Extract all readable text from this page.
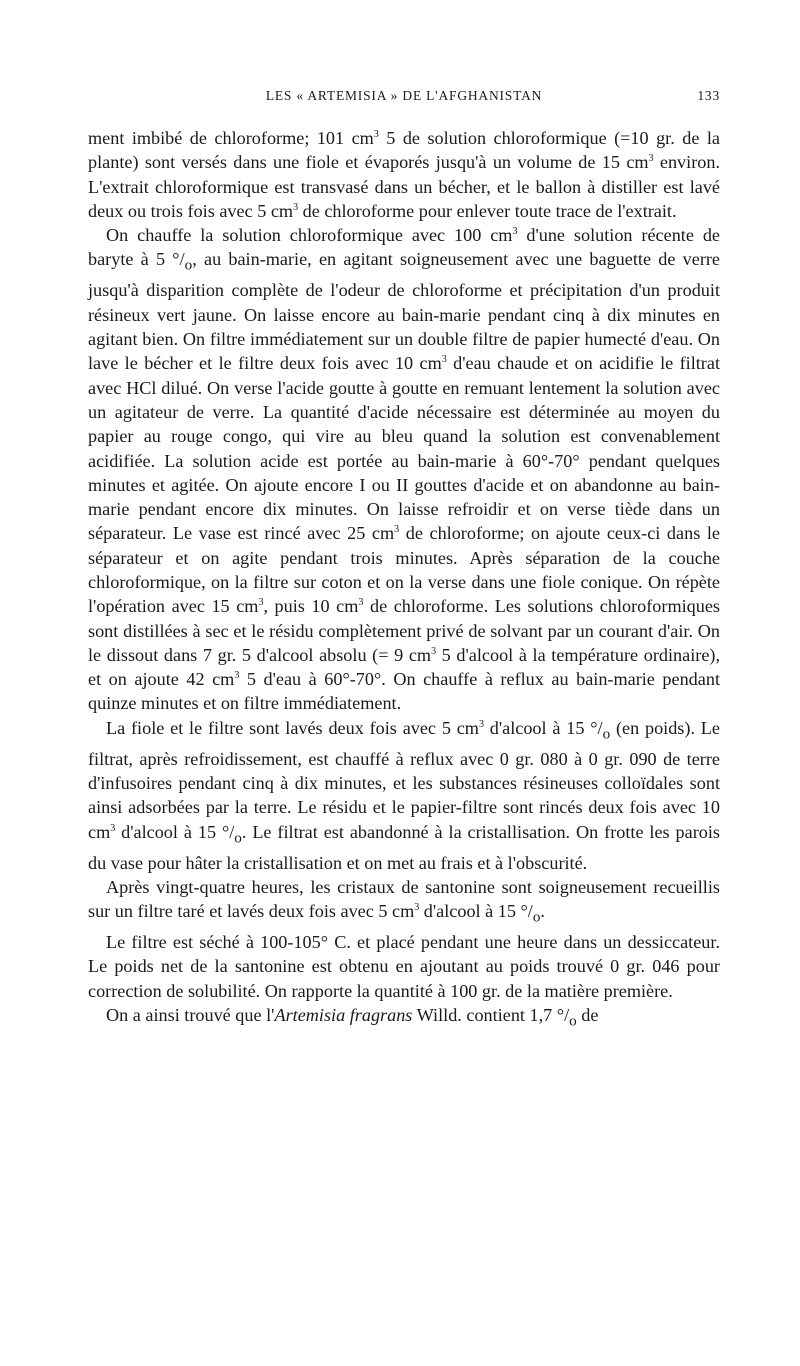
LES « ARTEMISIA » DE L'AFGHANISTAN	133

ment imbibé de chloroforme; 101 $cm^3$ 5 de solution chloroformique (=10 gr. de la plante) sont versés dans une fiole et évaporés jusqu'à un volume de 15 $cm^3$ environ. L'extrait chloroformique est transvasé dans un bécher, et le ballon à distiller est lavé deux ou trois fois avec 5 $cm^3$ de chloroforme pour enlever toute trace de l'extrait.

On chauffe la solution chloroformique avec 100 $cm^3$ d'une solution récente de baryte à 5 $^\circ/_o$, au bain-marie, en agitant soigneusement avec une baguette de verre jusqu'à disparition complète de l'odeur de chloroforme et précipitation d'un produit résineux vert jaune. On laisse encore au bain-marie pendant cinq à dix minutes en agitant bien. On filtre immédiatement sur un double filtre de papier humecté d'eau. On lave le bécher et le filtre deux fois avec 10 $cm^3$ d'eau chaude et on acidifie le filtrat avec HCl dilué. On verse l'acide goutte à goutte en remuant lentement la solution avec un agitateur de verre. La quantité d'acide nécessaire est déterminée au moyen du papier au rouge congo, qui vire au bleu quand la solution est convenablement acidifiée. La solution acide est portée au bain-marie à 60°-70° pendant quelques minutes et agitée. On ajoute encore I ou II gouttes d'acide et on abandonne au bain-marie pendant encore dix minutes. On laisse refroidir et on verse tiède dans un séparateur. Le vase est rincé avec 25 $cm^3$ de chloroforme; on ajoute ceux-ci dans le séparateur et on agite pendant trois minutes. Après séparation de la couche chloroformique, on la filtre sur coton et on la verse dans une fiole conique. On répète l'opération avec 15 $cm^3$, puis 10 $cm^3$ de chloroforme. Les solutions chloroformiques sont distillées à sec et le résidu complètement privé de solvant par un courant d'air. On le dissout dans 7 gr. 5 d'alcool absolu (= 9 $cm^3$ 5 d'alcool à la température ordinaire), et on ajoute 42 $cm^3$ 5 d'eau à 60°-70°. On chauffe à reflux au bain-marie pendant quinze minutes et on filtre immédiatement.

La fiole et le filtre sont lavés deux fois avec 5 $cm^3$ d'alcool à 15 $^\circ/_o$ (en poids). Le filtrat, après refroidissement, est chauffé à reflux avec 0 gr. 080 à 0 gr. 090 de terre d'infusoires pendant cinq à dix minutes, et les substances résineuses colloïdales sont ainsi adsorbées par la terre. Le résidu et le papier-filtre sont rincés deux fois avec 10 $cm^3$ d'alcool à 15 $^\circ/_o$. Le filtrat est abandonné à la cristallisation. On frotte les parois du vase pour hâter la cristallisation et on met au frais et à l'obscurité.

Après vingt-quatre heures, les cristaux de santonine sont soigneusement recueillis sur un filtre taré et lavés deux fois avec 5 $cm^3$ d'alcool à 15 $^\circ/_o$.

Le filtre est séché à 100-105° C. et placé pendant une heure dans un dessiccateur. Le poids net de la santonine est obtenu en ajoutant au poids trouvé 0 gr. 046 pour correction de solubilité. On rapporte la quantité à 100 gr. de la matière première.

On a ainsi trouvé que l'Artemisia fragrans Willd. contient 1,7 $^\circ/_o$ de
